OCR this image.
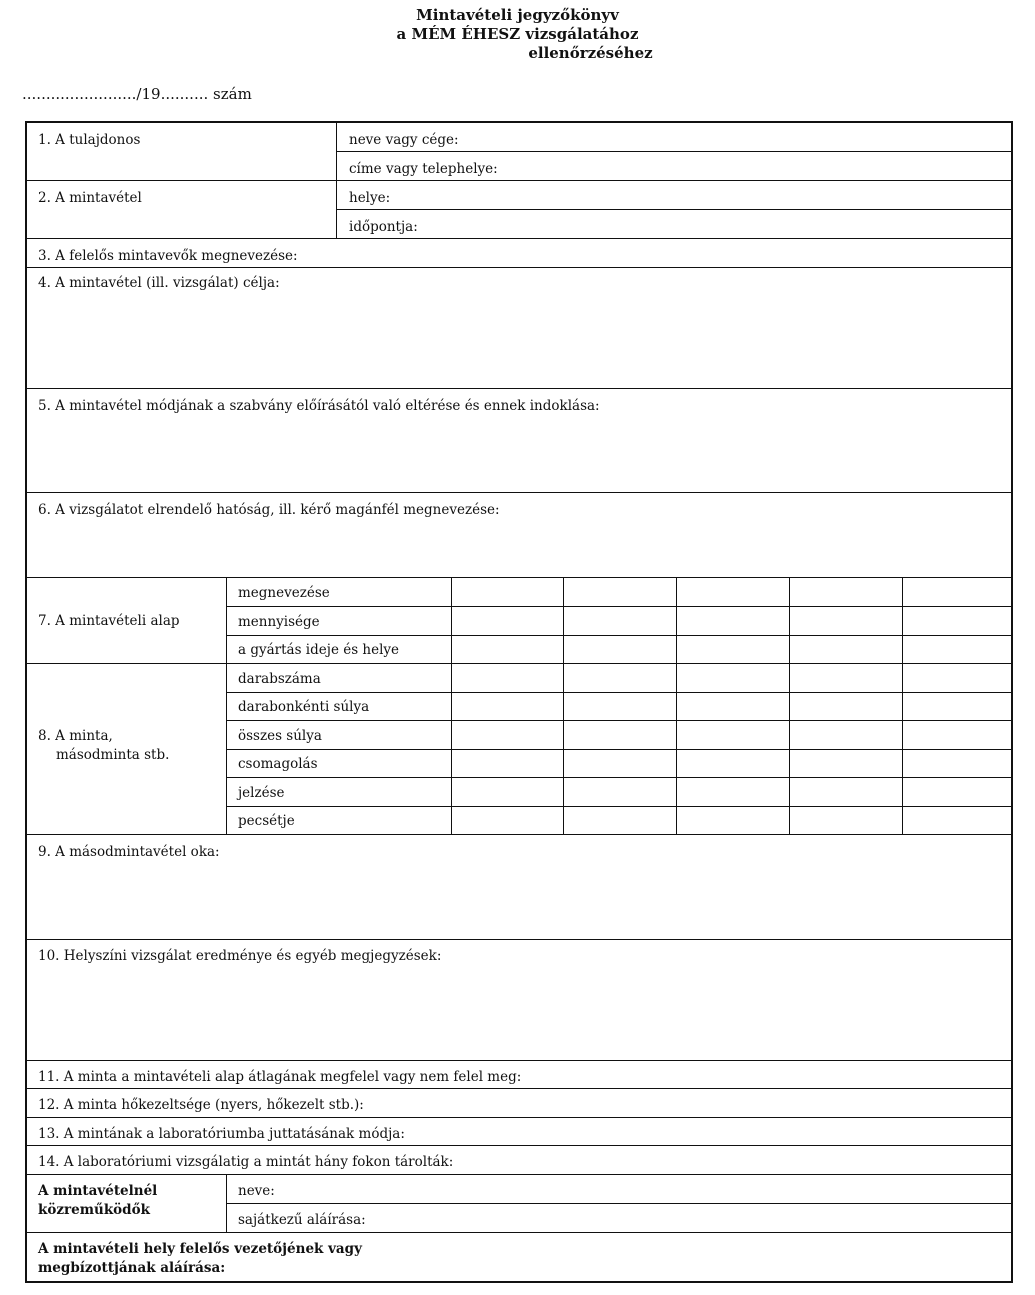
Mintavételi jegyzőkönyv
a MÉM ÉHESZ vizsgálatához
ellenőrzéséhez
......................../19.......... szám
1. A tulajdonos	neve vagy cége:
címe vagy telephelye:
2. A mintavétel	helye:
időpontja:
3. A felelős mintavevők megnevezése:
4. A mintavétel (ill. vizsgálat) célja:
5. A mintavétel módjának a szabvány előírásától való eltérése és ennek indoklása:
6. A vizsgálatot elrendelő hatóság, ill. kérő magánfél megnevezése:
7. A mintavételi alap
megnevezése
mennyisége
a gyártás ideje és helye
8. A minta,
másodminta stb.
darabszáma
darabonkénti súlya
összes súlya
csomagolás
jelzése
pecsétje
9. A másodmintavétel oka:
10. Helyszíni vizsgálat eredménye és egyéb megjegyzések:
11. A minta a mintavételi alap átlagának megfelel vagy nem felel meg:
12. A minta hőkezeltsége (nyers, hőkezelt stb.):
13. A mintának a laboratóriumba juttatásának módja:
14. A laboratóriumi vizsgálatig a mintát hány fokon tárolták:
A mintavételnél
közreműködők
neve:
sajátkezű aláírása:
A mintavételi hely felelős vezetőjének vagy
megbízottjának aláírása:
